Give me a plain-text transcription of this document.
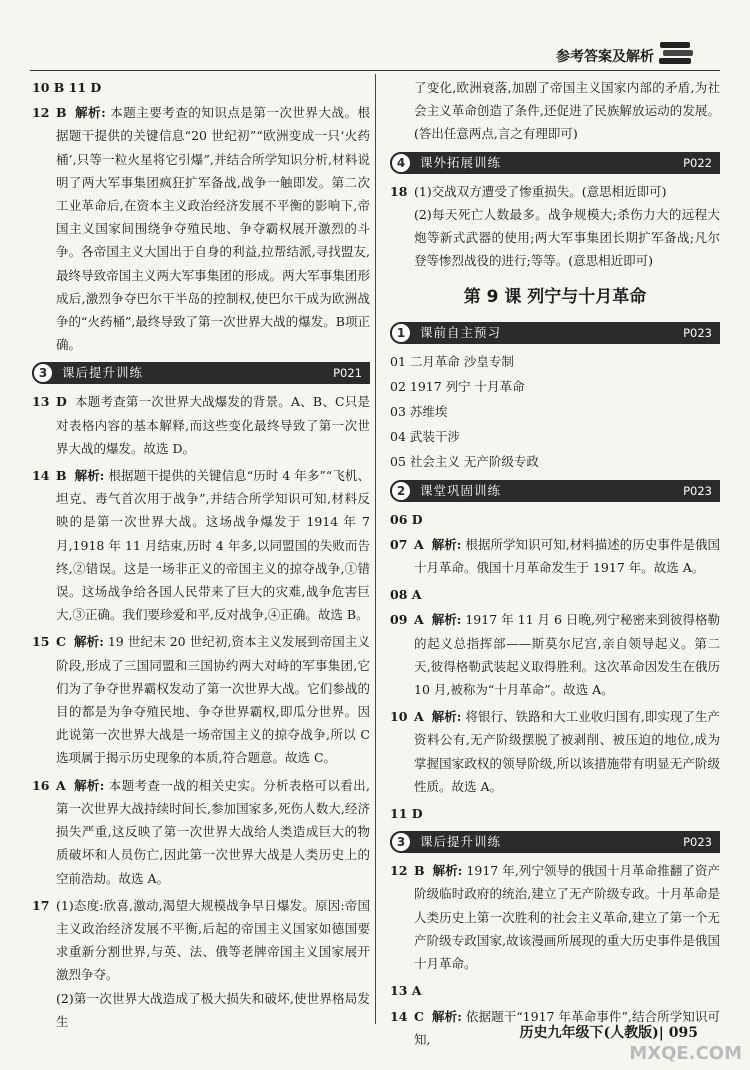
参考答案及解析
10 B 11 D
12 B 解析: 本题主要考查的知识点是第一次世界大战。根据题干提供的关键信息“20 世纪初”“欧洲变成一只‘火药桶’,只等一粒火星将它引爆”,并结合所学知识分析,材料说明了两大军事集团疯狂扩军备战,战争一触即发。第二次工业革命后,在资本主义政治经济发展不平衡的影响下,帝国主义国家间围绕争夺殖民地、争夺霸权展开激烈的斗争。各帝国主义大国出于自身的利益,拉帮结派,寻找盟友,最终导致帝国主义两大军事集团的形成。两大军事集团形成后,激烈争夺巴尔干半岛的控制权,使巴尔干成为欧洲战争的“火药桶”,最终导致了第一次世界大战的爆发。B项正确。
3	课后提升训练	P021
13 D 本题考查第一次世界大战爆发的背景。A、B、C只是对表格内容的基本解释,而这些变化最终导致了第一次世界大战的爆发。故选 D。
14 B 解析: 根据题干提供的关键信息“历时 4 年多”“飞机、坦克、毒气首次用于战争”,并结合所学知识可知,材料反映的是第一次世界大战。这场战争爆发于 1914 年 7 月,1918 年 11 月结束,历时 4 年多,以同盟国的失败而告终,②错误。这是一场非正义的帝国主义的掠夺战争,①错误。这场战争给各国人民带来了巨大的灾难,战争危害巨大,③正确。我们要珍爱和平,反对战争,④正确。故选 B。
15 C 解析: 19 世纪末 20 世纪初,资本主义发展到帝国主义阶段,形成了三国同盟和三国协约两大对峙的军事集团,它们为了争夺世界霸权发动了第一次世界大战。它们参战的目的都是为争夺殖民地、争夺世界霸权,即瓜分世界。因此说第一次世界大战是一场帝国主义的掠夺战争,所以 C 选项属于揭示历史现象的本质,符合题意。故选 C。
16 A 解析: 本题考查一战的相关史实。分析表格可以看出,第一次世界大战持续时间长,参加国家多,死伤人数大,经济损失严重,这反映了第一次世界大战给人类造成巨大的物质破坏和人员伤亡,因此第一次世界大战是人类历史上的空前浩劫。故选 A。
17 (1)态度:欣喜,激动,渴望大规模战争早日爆发。原因:帝国主义政治经济发展不平衡,后起的帝国主义国家如德国要求重新分割世界,与英、法、俄等老牌帝国主义国家展开激烈争夺。
(2)第一次世界大战造成了极大损失和破坏,使世界格局发生
了变化,欧洲衰落,加剧了帝国主义国家内部的矛盾,为社会主义革命创造了条件,还促进了民族解放运动的发展。(答出任意两点,言之有理即可)
4	课外拓展训练	P022
18 (1)交战双方遭受了惨重损失。(意思相近即可)
(2)每天死亡人数最多。战争规模大;杀伤力大的远程大炮等新式武器的使用;两大军事集团长期扩军备战;凡尔登等惨烈战役的进行;等等。(意思相近即可)
第 9 课 列宁与十月革命
1	课前自主预习	P023
01 二月革命 沙皇专制
02 1917 列宁 十月革命
03 苏维埃
04 武装干涉
05 社会主义 无产阶级专政
2	课堂巩固训练	P023
06 D
07 A 解析: 根据所学知识可知,材料描述的历史事件是俄国十月革命。俄国十月革命发生于 1917 年。故选 A。
08 A
09 A 解析: 1917 年 11 月 6 日晚,列宁秘密来到彼得格勒的起义总指挥部——斯莫尔尼宫,亲自领导起义。第二天,彼得格勒武装起义取得胜利。这次革命因发生在俄历 10 月,被称为“十月革命”。故选 A。
10 A 解析: 将银行、铁路和大工业收归国有,即实现了生产资料公有,无产阶级摆脱了被剥削、被压迫的地位,成为掌握国家政权的领导阶级,所以该措施带有明显无产阶级性质。故选 A。
11 D
3	课后提升训练	P023
12 B 解析: 1917 年,列宁领导的俄国十月革命推翻了资产阶级临时政府的统治,建立了无产阶级专政。十月革命是人类历史上第一次胜利的社会主义革命,建立了第一个无产阶级专政国家,故该漫画所展现的重大历史事件是俄国十月革命。
13 A
14 C 解析: 依据题干“1917 年革命事件”,结合所学知识可知,	历史九年级下(人教版)| 095
MXQE.COM
